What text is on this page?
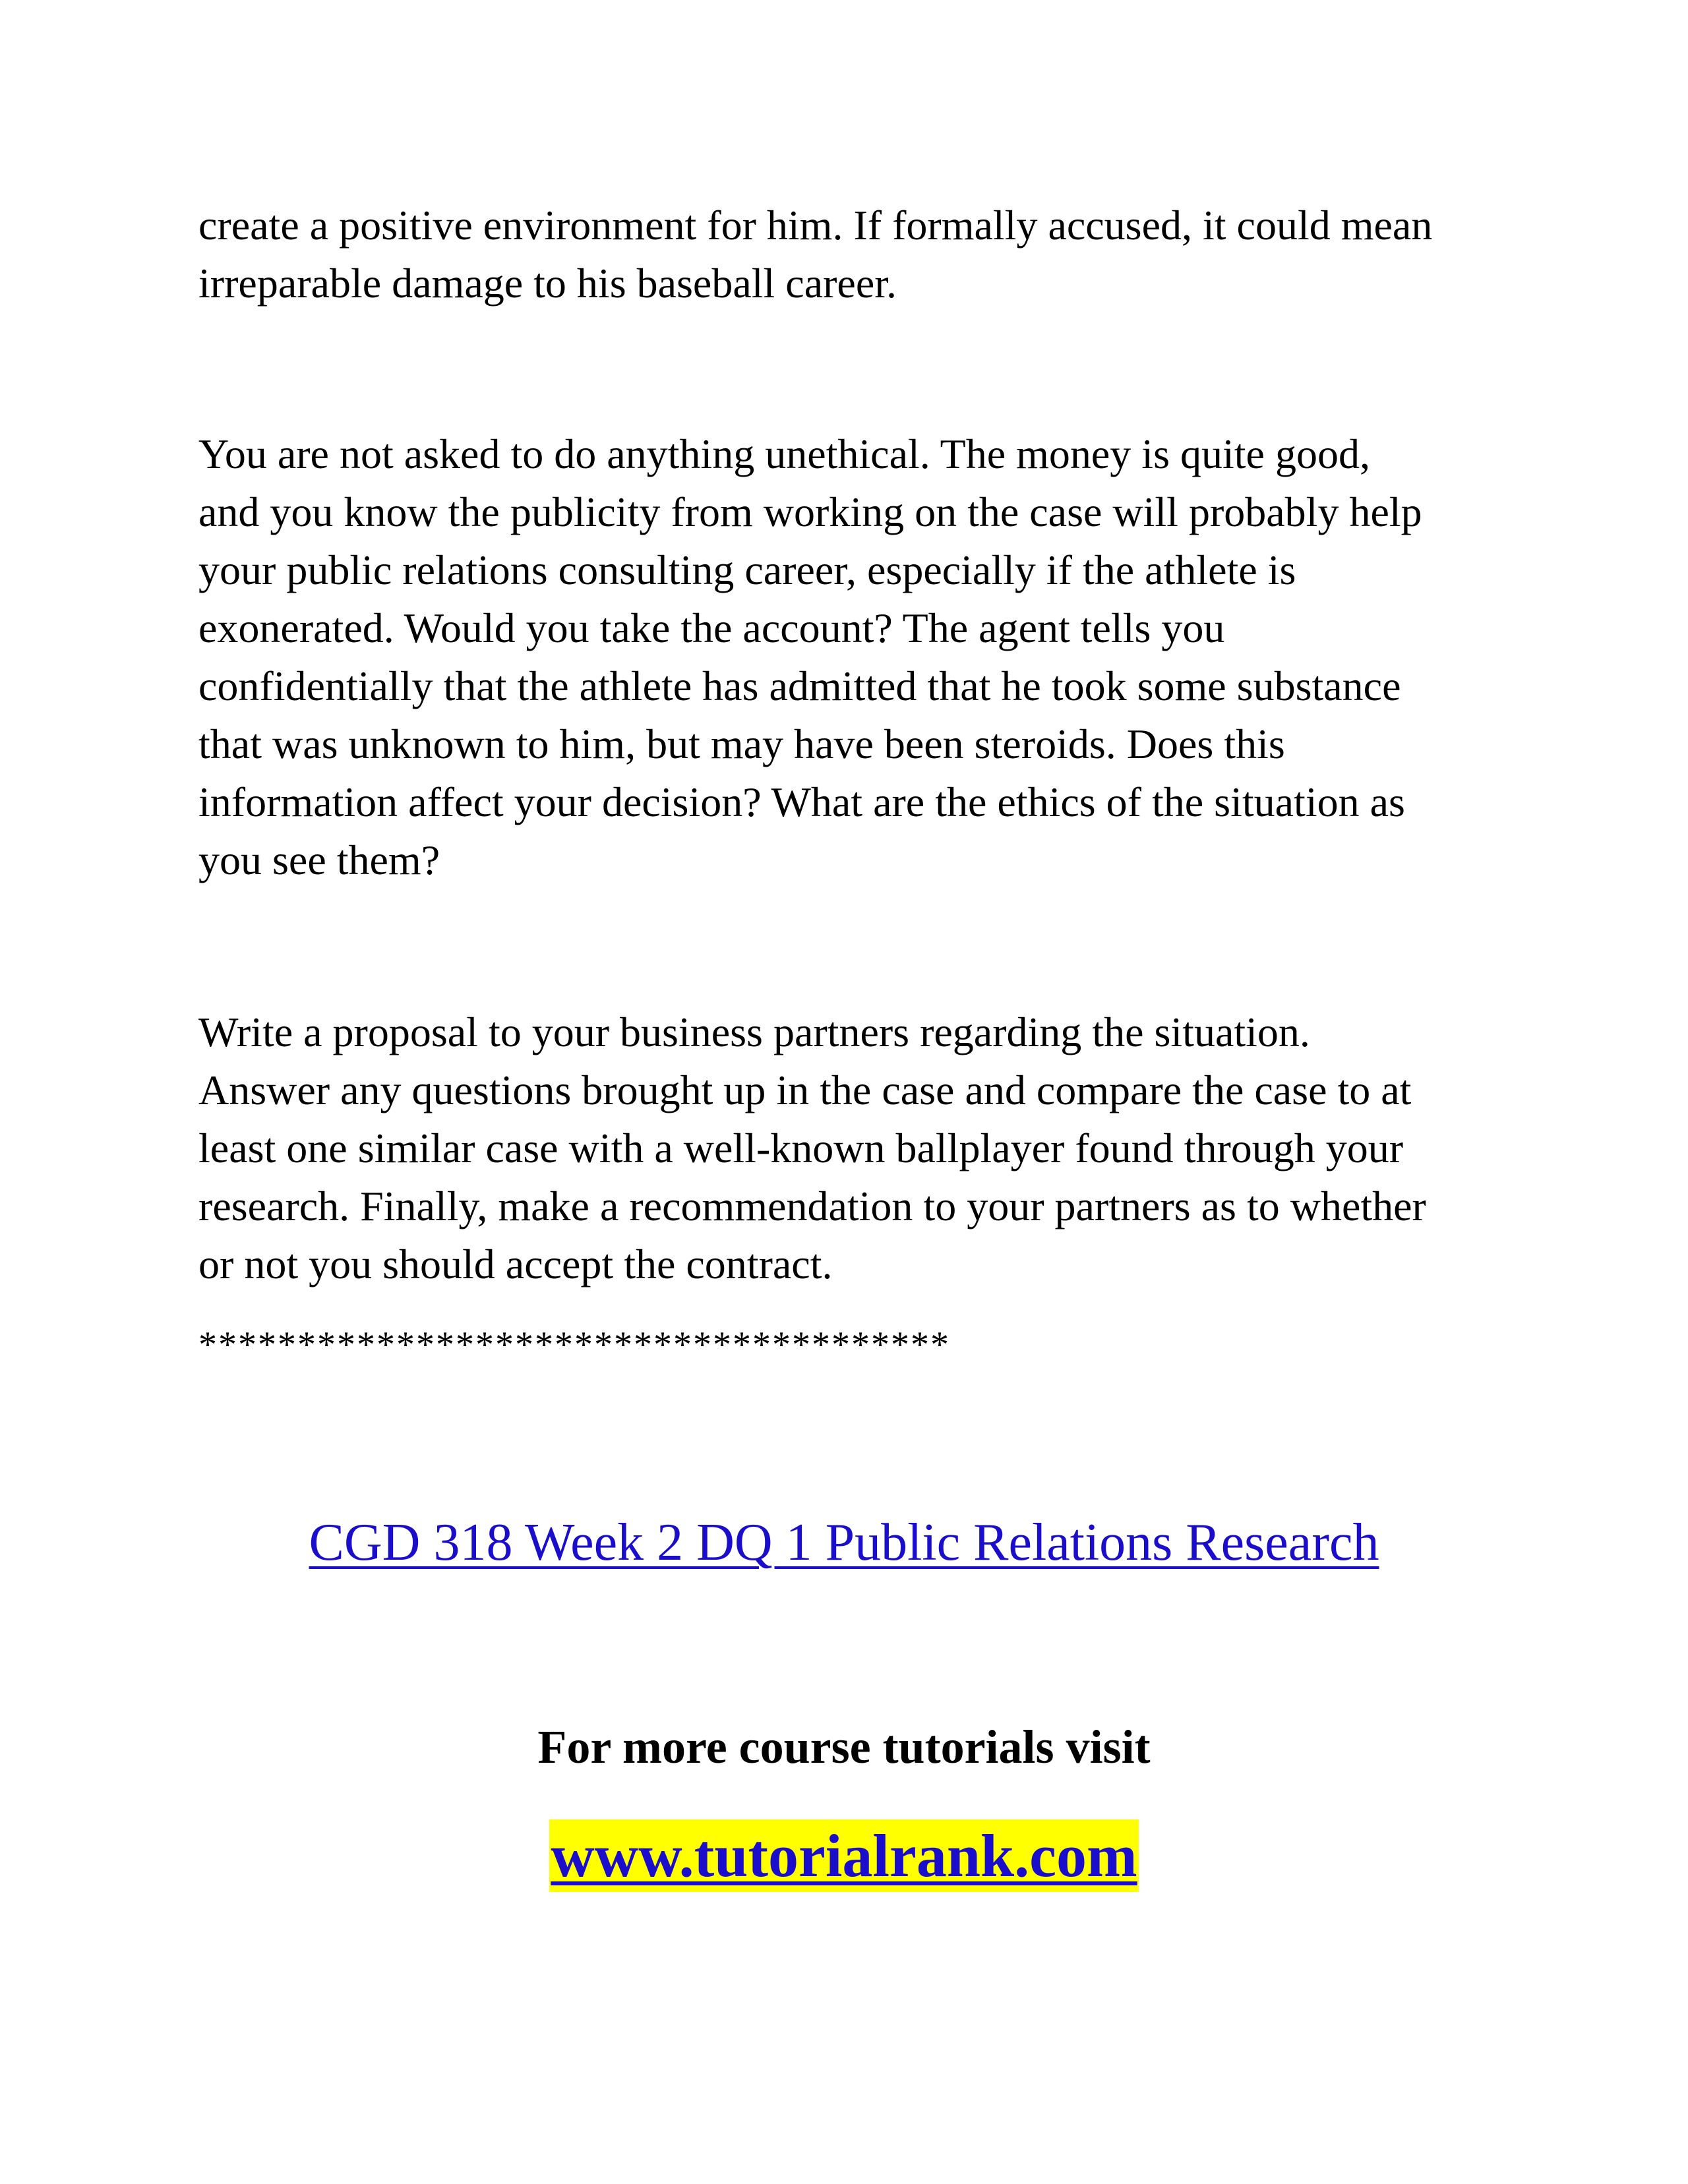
create a positive environment for him. If formally accused, it could mean
irreparable damage to his baseball career.

You are not asked to do anything unethical. The money is quite good,
and you know the publicity from working on the case will probably help
your public relations consulting career, especially if the athlete is
exonerated. Would you take the account? The agent tells you
confidentially that the athlete has admitted that he took some substance
that was unknown to him, but may have been steroids. Does this
information affect your decision? What are the ethics of the situation as
you see them?

Write a proposal to your business partners regarding the situation.
Answer any questions brought up in the case and compare the case to at
least one similar case with a well-known ballplayer found through your
research. Finally, make a recommendation to your partners as to whether
or not you should accept the contract.

**************************************

CGD 318 Week 2 DQ 1 Public Relations Research
For more course tutorials visit
www.tutorialrank.com
